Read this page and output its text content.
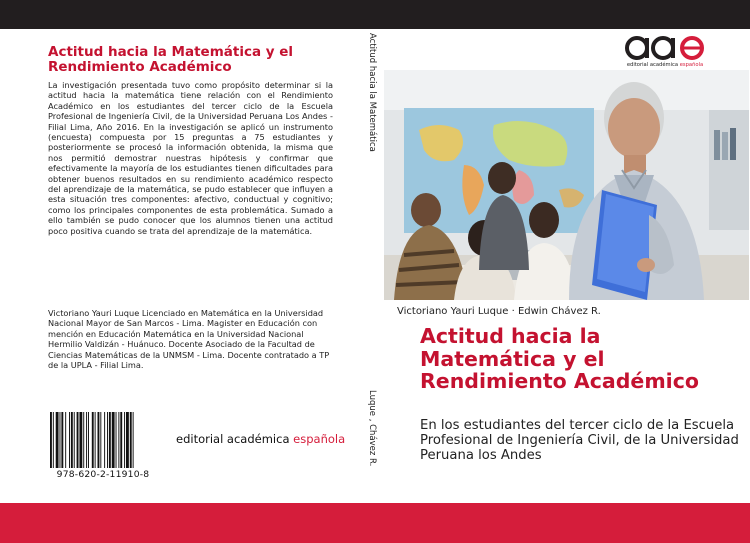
Actitud hacia la Matemática y el Rendimiento Académico
La investigación presentada tuvo como propósito determinar si la actitud hacia la matemática tiene relación con el Rendimiento Académico en los estudiantes del tercer ciclo de la Escuela Profesional de Ingeniería Civil, de la Universidad Peruana Los Andes - Filial Lima, Año 2016. En la investigación se aplicó un instrumento (encuesta) compuesta por 15 preguntas a 75 estudiantes y posteriormente se procesó la información obtenida, la misma que nos permitió demostrar nuestras hipótesis y confirmar que efectivamente la mayoría de los estudiantes tienen dificultades para obtener buenos resultados en su rendimiento académico respecto del aprendizaje de la matemática, se pudo establecer que influyen a esta situación tres componentes: afectivo, conductual y cognitivo; como los principales componentes de esta problemática. Sumado a ello también se pudo conocer que los alumnos tienen una actitud poco positiva cuando se trata del aprendizaje de la matemática.
Victoriano Yauri Luque Licenciado en Matemática en la Universidad Nacional Mayor de San Marcos - Lima. Magister en Educación con mención en Educación Matemática en la Universidad Nacional Hermilio Valdizán - Huánuco. Docente Asociado de la Facultad de Ciencias Matemáticas de la UNMSM - Lima. Docente contratado a TP de la UPLA - Filial Lima.
978-620-2-11910-8
editorial académica española
Actitud hacia la Matemática
Luque , Chávez R.
editorial académica española
Victoriano Yauri Luque · Edwin Chávez R.
Actitud hacia la Matemática y el Rendimiento Académico
En los estudiantes del tercer ciclo de la Escuela Profesional de Ingeniería Civil, de la Universidad Peruana los Andes
